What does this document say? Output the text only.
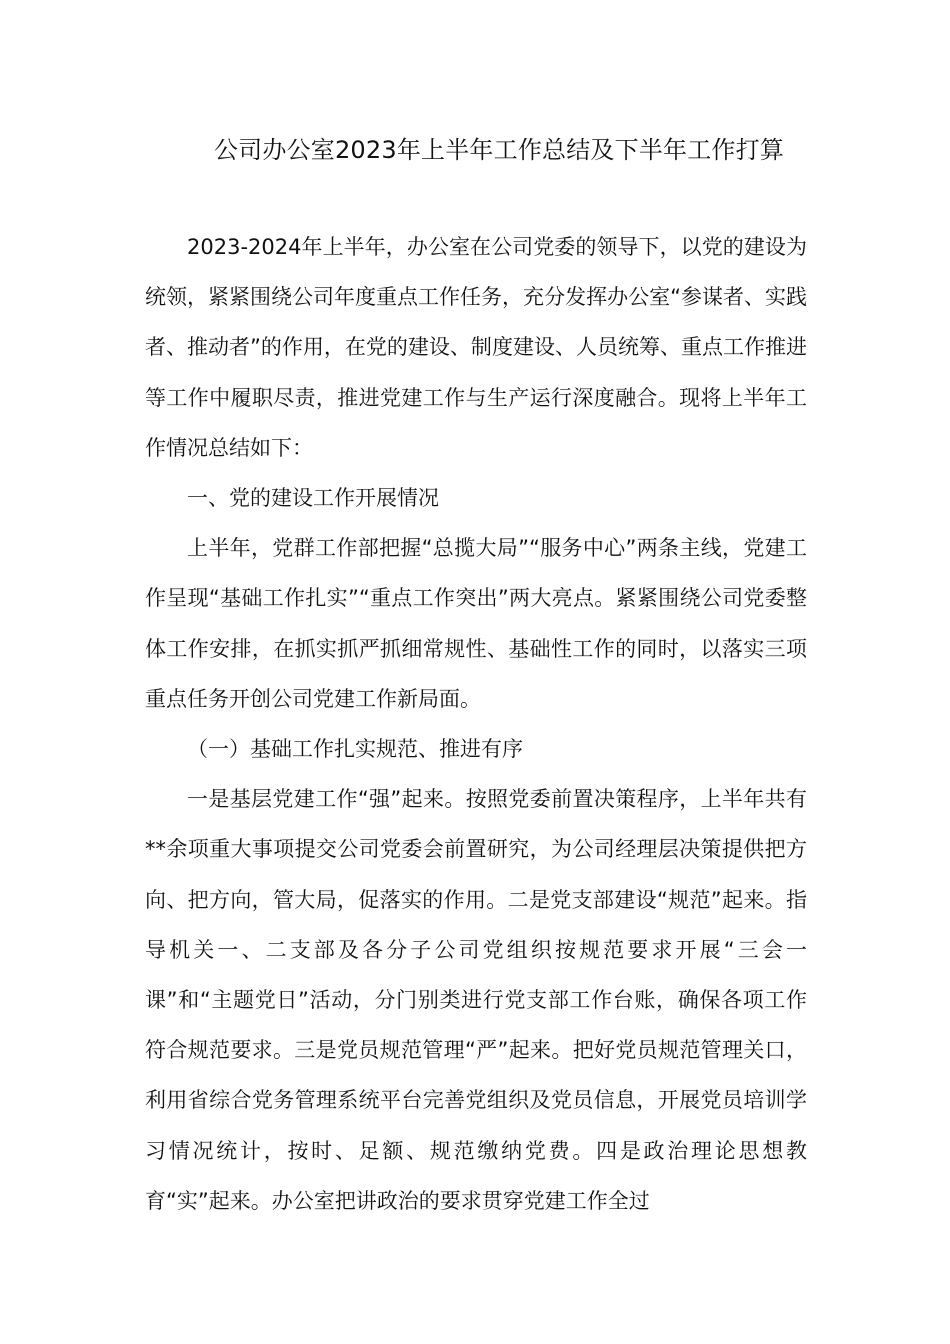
公司办公室2023年上半年工作总结及下半年工作打算

2023-2024年上半年，办公室在公司党委的领导下，以党的建设为统领，紧紧围绕公司年度重点工作任务，充分发挥办公室“参谋者、实践者、推动者”的作用，在党的建设、制度建设、人员统筹、重点工作推进等工作中履职尽责，推进党建工作与生产运行深度融合。现将上半年工作情况总结如下：

一、党的建设工作开展情况

上半年，党群工作部把握“总揽大局”“服务中心”两条主线，党建工作呈现“基础工作扎实”“重点工作突出”两大亮点。紧紧围绕公司党委整体工作安排，在抓实抓严抓细常规性、基础性工作的同时，以落实三项重点任务开创公司党建工作新局面。

（一）基础工作扎实规范、推进有序

一是基层党建工作“强”起来。按照党委前置决策程序，上半年共有**余项重大事项提交公司党委会前置研究，为公司经理层决策提供把方向、把方向，管大局，促落实的作用。二是党支部建设“规范”起来。指导机关一、二支部及各分子公司党组织按规范要求开展“三会一课”和“主题党日”活动，分门别类进行党支部工作台账，确保各项工作符合规范要求。三是党员规范管理“严”起来。把好党员规范管理关口，利用省综合党务管理系统平台完善党组织及党员信息，开展党员培训学习情况统计，按时、足额、规范缴纳党费。四是政治理论思想教育“实”起来。办公室把讲政治的要求贯穿党建工作全过
